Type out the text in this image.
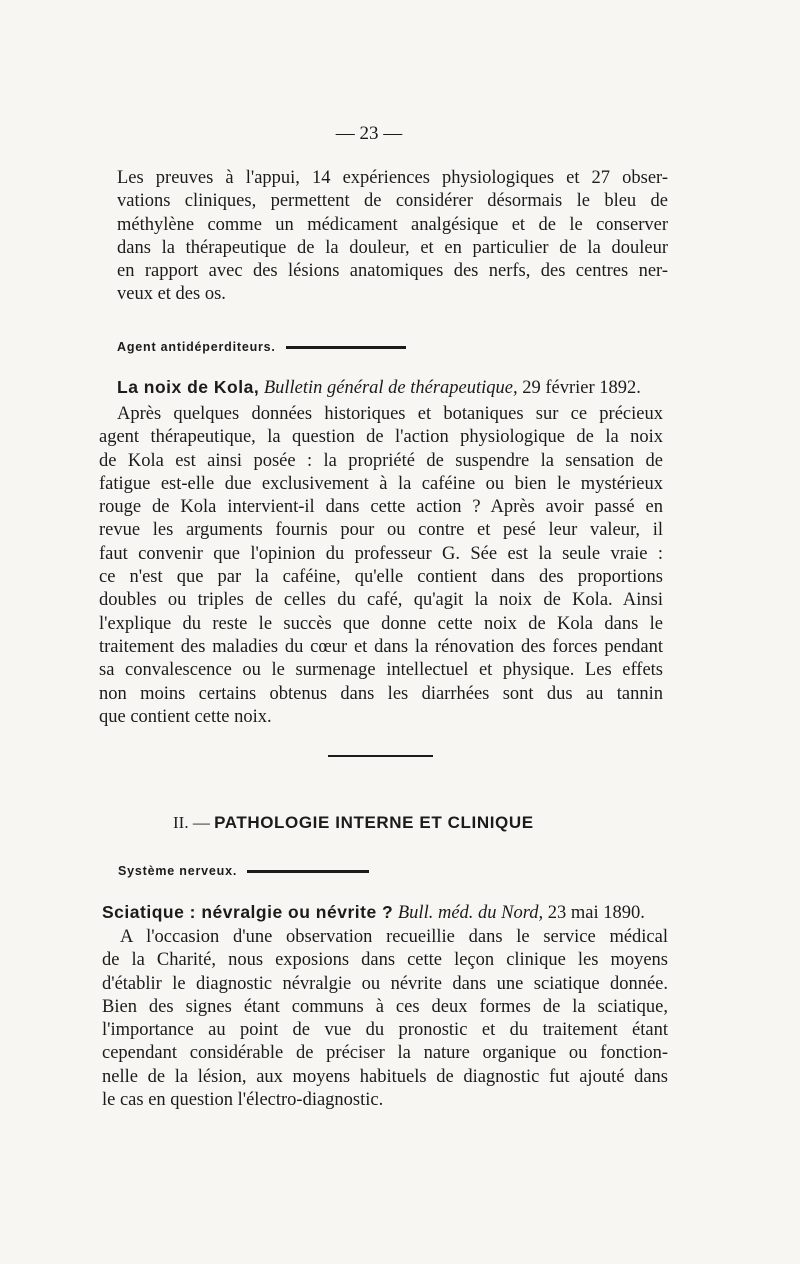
— 23 —
Les preuves à l'appui, 14 expériences physiologiques et 27 obser-
vations cliniques, permettent de considérer désormais le bleu de
méthylène comme un médicament analgésique et de le conserver
dans la thérapeutique de la douleur, et en particulier de la douleur
en rapport avec des lésions anatomiques des nerfs, des centres ner-
veux et des os.
Agent antidéperditeurs.
La noix de Kola, Bulletin général de thérapeutique, 29 février 1892.
Après quelques données historiques et botaniques sur ce précieux
agent thérapeutique, la question de l'action physiologique de la noix
de Kola est ainsi posée : la propriété de suspendre la sensation de
fatigue est-elle due exclusivement à la caféine ou bien le mystérieux
rouge de Kola intervient-il dans cette action ? Après avoir passé en
revue les arguments fournis pour ou contre et pesé leur valeur, il
faut convenir que l'opinion du professeur G. Sée est la seule vraie :
ce n'est que par la caféine, qu'elle contient dans des proportions
doubles ou triples de celles du café, qu'agit la noix de Kola. Ainsi
l'explique du reste le succès que donne cette noix de Kola dans le
traitement des maladies du cœur et dans la rénovation des forces pendant
sa convalescence ou le surmenage intellectuel et physique. Les effets
non moins certains obtenus dans les diarrhées sont dus au tannin
que contient cette noix.
II. — PATHOLOGIE INTERNE ET CLINIQUE
Système nerveux.
Sciatique : névralgie ou névrite ? Bull. méd. du Nord, 23 mai 1890.
A l'occasion d'une observation recueillie dans le service médical
de la Charité, nous exposions dans cette leçon clinique les moyens
d'établir le diagnostic névralgie ou névrite dans une sciatique donnée.
Bien des signes étant communs à ces deux formes de la sciatique,
l'importance au point de vue du pronostic et du traitement étant
cependant considérable de préciser la nature organique ou fonction-
nelle de la lésion, aux moyens habituels de diagnostic fut ajouté dans
le cas en question l'électro-diagnostic.
